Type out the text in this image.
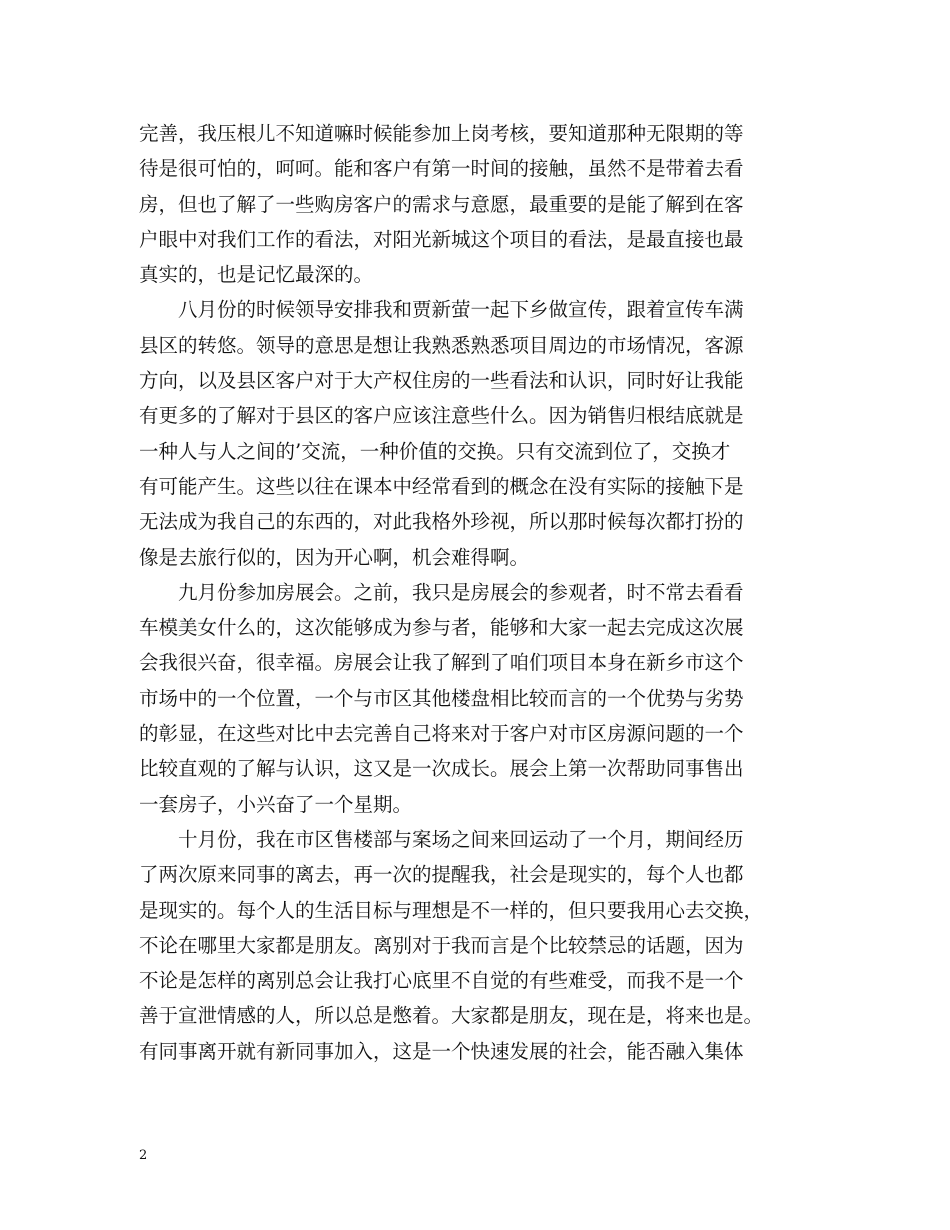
完善，我压根儿不知道嘛时候能参加上岗考核，要知道那种无限期的等
待是很可怕的，呵呵。能和客户有第一时间的接触，虽然不是带着去看
房，但也了解了一些购房客户的需求与意愿，最重要的是能了解到在客
户眼中对我们工作的看法，对阳光新城这个项目的看法，是最直接也最
真实的，也是记忆最深的。
　　八月份的时候领导安排我和贾新萤一起下乡做宣传，跟着宣传车满
县区的转悠。领导的意思是想让我熟悉熟悉项目周边的市场情况，客源
方向，以及县区客户对于大产权住房的一些看法和认识，同时好让我能
有更多的了解对于县区的客户应该注意些什么。因为销售归根结底就是
一种人与人之间的’交流，一种价值的交换。只有交流到位了，交换才
有可能产生。这些以往在课本中经常看到的概念在没有实际的接触下是
无法成为我自己的东西的，对此我格外珍视，所以那时候每次都打扮的
像是去旅行似的，因为开心啊，机会难得啊。
　　九月份参加房展会。之前，我只是房展会的参观者，时不常去看看
车模美女什么的，这次能够成为参与者，能够和大家一起去完成这次展
会我很兴奋，很幸福。房展会让我了解到了咱们项目本身在新乡市这个
市场中的一个位置，一个与市区其他楼盘相比较而言的一个优势与劣势
的彰显，在这些对比中去完善自己将来对于客户对市区房源问题的一个
比较直观的了解与认识，这又是一次成长。展会上第一次帮助同事售出
一套房子，小兴奋了一个星期。
　　十月份，我在市区售楼部与案场之间来回运动了一个月，期间经历
了两次原来同事的离去，再一次的提醒我，社会是现实的，每个人也都
是现实的。每个人的生活目标与理想是不一样的，但只要我用心去交换，
不论在哪里大家都是朋友。离别对于我而言是个比较禁忌的话题，因为
不论是怎样的离别总会让我打心底里不自觉的有些难受，而我不是一个
善于宣泄情感的人，所以总是憋着。大家都是朋友，现在是，将来也是。
有同事离开就有新同事加入，这是一个快速发展的社会，能否融入集体
2
